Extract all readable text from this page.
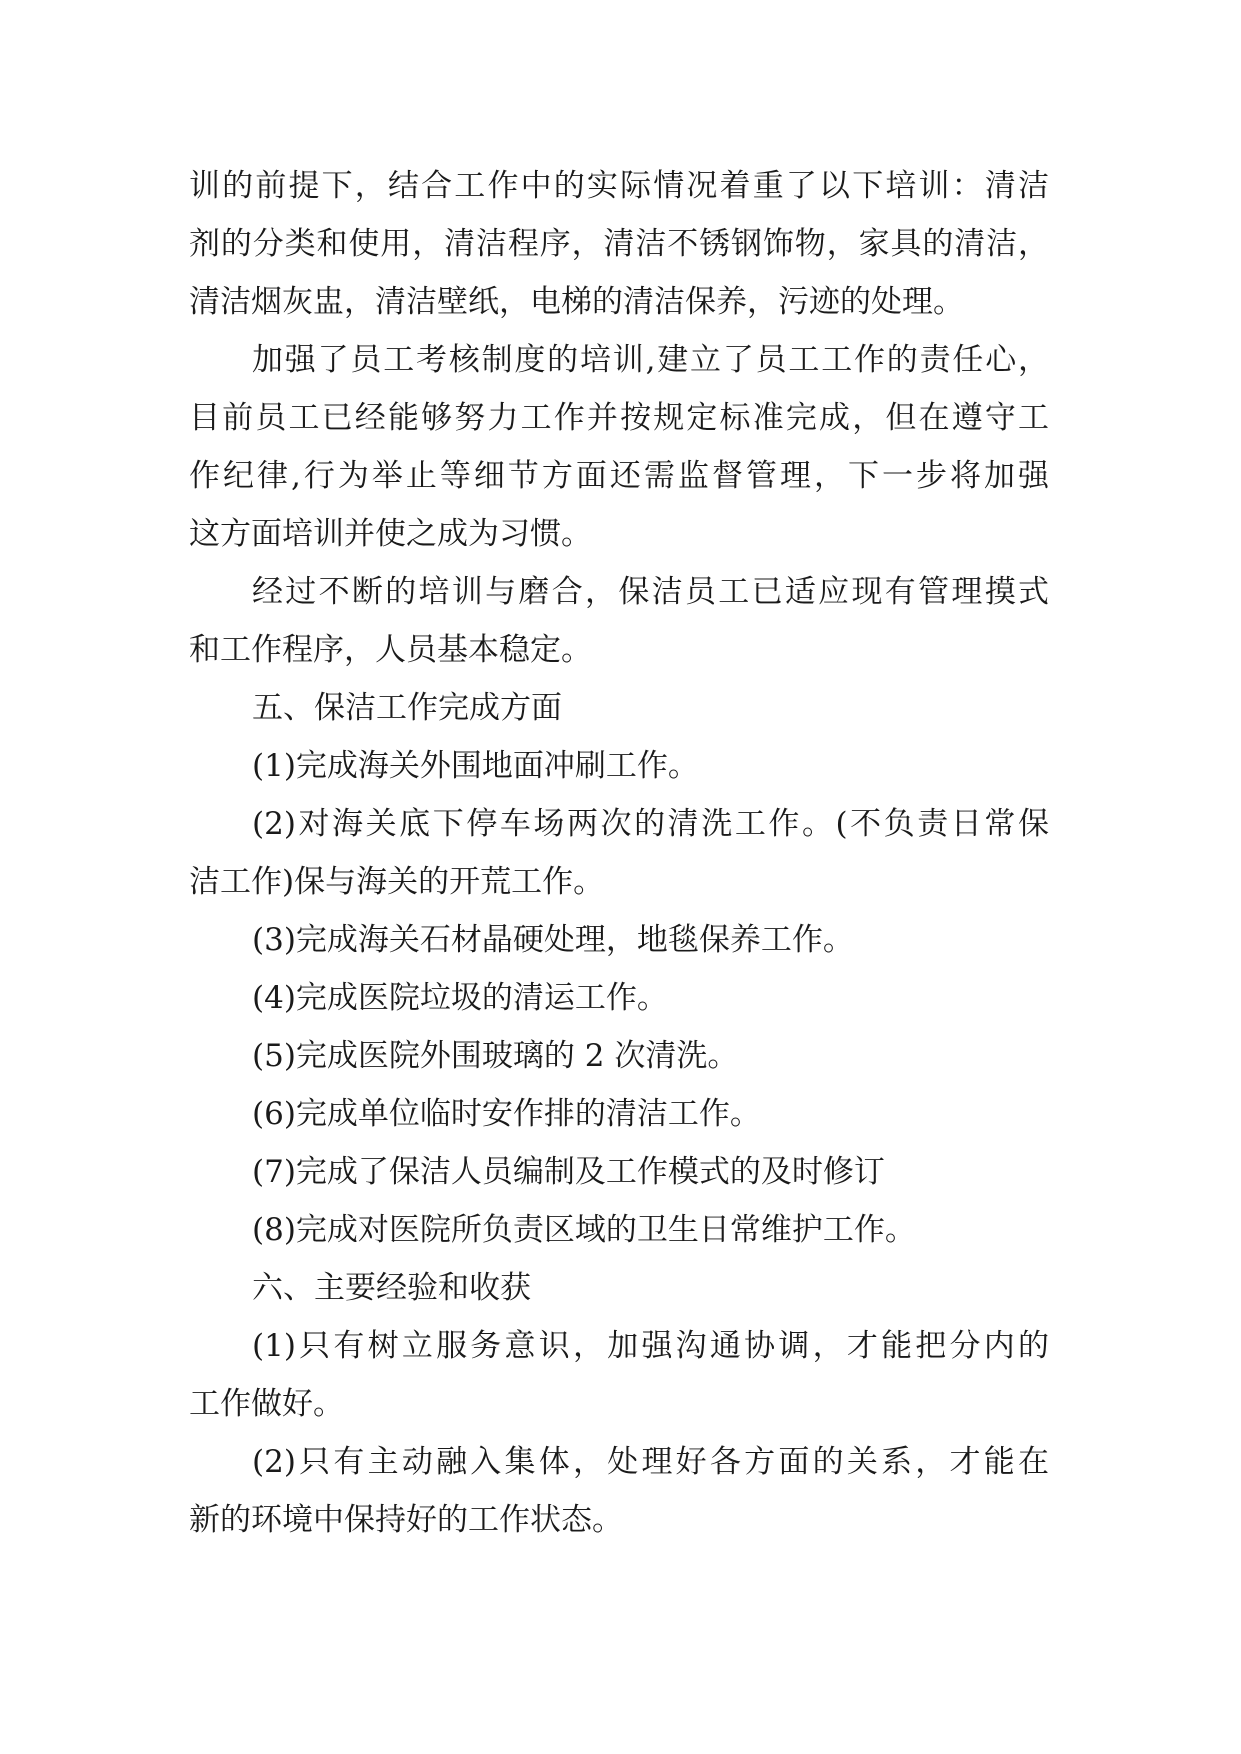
训的前提下，结合工作中的实际情况着重了以下培训：清洁

剂的分类和使用，清洁程序，清洁不锈钢饰物，家具的清洁，

清洁烟灰盅，清洁壁纸，电梯的清洁保养，污迹的处理。

加强了员工考核制度的培训,建立了员工工作的责任心，

目前员工已经能够努力工作并按规定标准完成，但在遵守工

作纪律,行为举止等细节方面还需监督管理，下一步将加强

这方面培训并使之成为习惯。

经过不断的培训与磨合，保洁员工已适应现有管理摸式

和工作程序，人员基本稳定。

五、保洁工作完成方面

(1)完成海关外围地面冲刷工作。

(2)对海关底下停车场两次的清洗工作。(不负责日常保

洁工作)保与海关的开荒工作。

(3)完成海关石材晶硬处理，地毯保养工作。

(4)完成医院垃圾的清运工作。

(5)完成医院外围玻璃的 2 次清洗。

(6)完成单位临时安作排的清洁工作。

(7)完成了保洁人员编制及工作模式的及时修订

(8)完成对医院所负责区域的卫生日常维护工作。

六、主要经验和收获

(1)只有树立服务意识，加强沟通协调，才能把分内的

工作做好。

(2)只有主动融入集体，处理好各方面的关系，才能在

新的环境中保持好的工作状态。
